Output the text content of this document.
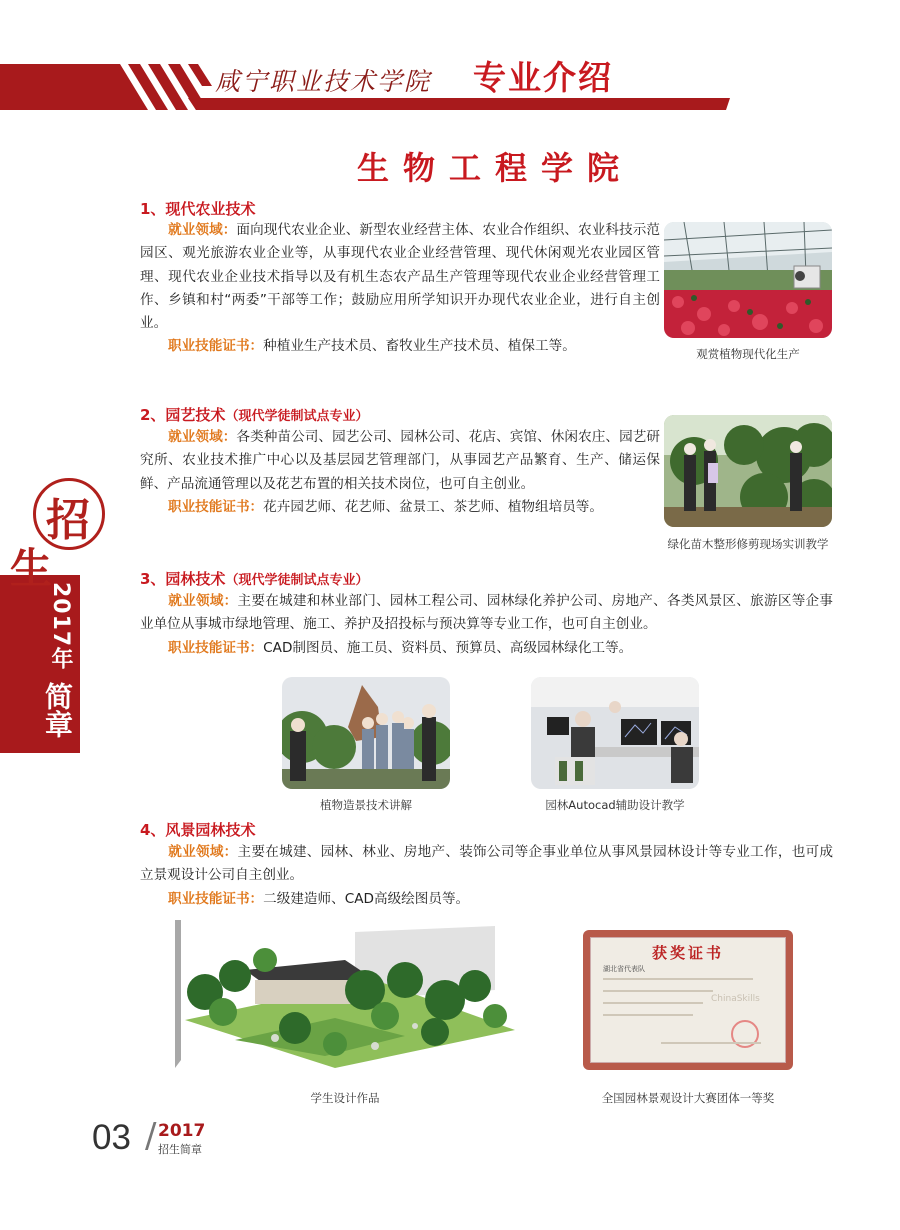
咸宁职业技术学院 专业介绍
生物工程学院
招
生
2017年
简章
1、现代农业技术
就业领域：面向现代农业企业、新型农业经营主体、农业合作组织、农业科技示范园区、观光旅游农业企业等，从事现代农业企业经营管理、现代休闲观光农业园区管理、现代农业企业技术指导以及有机生态农产品生产管理等现代农业企业经营管理工作、乡镇和村“两委”干部等工作；鼓励应用所学知识开办现代农业企业，进行自主创业。
职业技能证书：种植业生产技术员、畜牧业生产技术员、植保工等。	观赏植物现代化生产
2、园艺技术（现代学徒制试点专业）
就业领域：各类种苗公司、园艺公司、园林公司、花店、宾馆、休闲农庄、园艺研究所、农业技术推广中心以及基层园艺管理部门，从事园艺产品繁育、生产、储运保鲜、产品流通管理以及花艺布置的相关技术岗位，也可自主创业。
职业技能证书：花卉园艺师、花艺师、盆景工、茶艺师、植物组培员等。
绿化苗木整形修剪现场实训教学
3、园林技术（现代学徒制试点专业）
就业领域：主要在城建和林业部门、园林工程公司、园林绿化养护公司、房地产、各类风景区、旅游区等企事业单位从事城市绿地管理、施工、养护及招投标与预决算等专业工作，也可自主创业。
职业技能证书：CAD制图员、施工员、资料员、预算员、高级园林绿化工等。
植物造景技术讲解	园林Autocad辅助设计教学
4、风景园林技术
就业领域：主要在城建、园林、林业、房地产、装饰公司等企事业单位从事风景园林设计等专业工作，也可成立景观设计公司自主创业。
职业技能证书：二级建造师、CAD高级绘图员等。
学生设计作品
获奖证书
湖北省代表队
ChinaSkills
全国园林景观设计大赛团体一等奖
03 / 2017
招生简章
